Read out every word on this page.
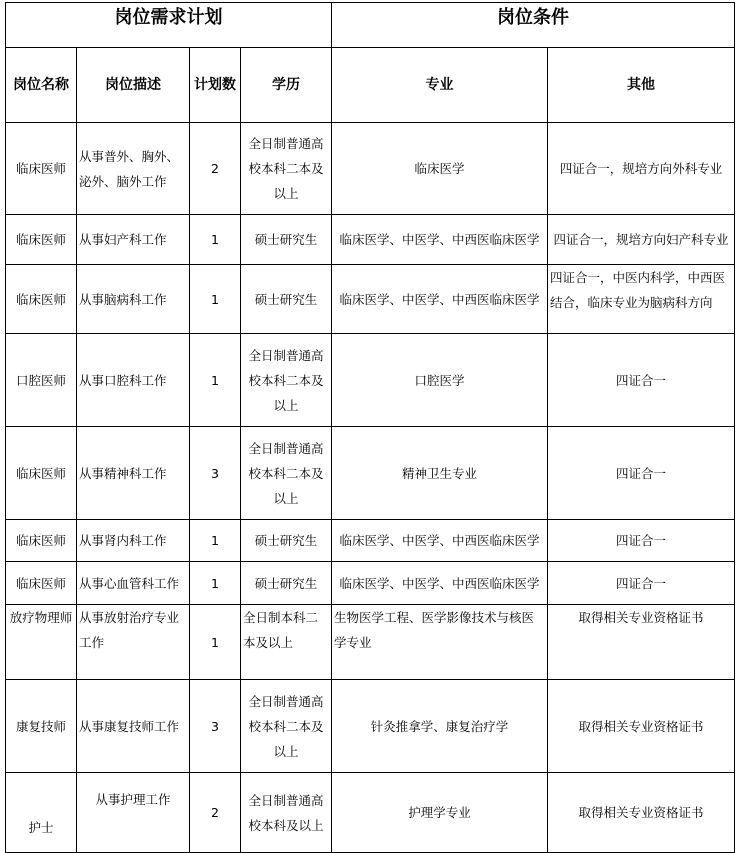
岗位需求计划				岗位条件	
岗位名称	岗位描述	计划数	学历	专业	其他
临床医师	从事普外、胸外、泌外、脑外工作	2	全日制普通高校本科二本及以上	临床医学	四证合一，规培方向外科专业
临床医师	从事妇产科工作	1	硕士研究生	临床医学、中医学、中西医临床医学	四证合一，规培方向妇产科专业
临床医师	从事脑病科工作	1	硕士研究生	临床医学、中医学、中西医临床医学	四证合一，中医内科学，中西医结合，临床专业为脑病科方向
口腔医师	从事口腔科工作	1	全日制普通高校本科二本及以上	口腔医学	四证合一
临床医师	从事精神科工作	3	全日制普通高校本科二本及以上	精神卫生专业	四证合一
临床医师	从事肾内科工作	1	硕士研究生	临床医学、中医学、中西医临床医学	四证合一
临床医师	从事心血管科工作	1	硕士研究生	临床医学、中医学、中西医临床医学	四证合一
放疗物理师	从事放射治疗专业工作	1	全日制本科二本及以上	生物医学工程、医学影像技术与核医学专业	取得相关专业资格证书
康复技师	从事康复技师工作	3	全日制普通高校本科二本及以上	针灸推拿学、康复治疗学	取得相关专业资格证书
护士	从事护理工作	2	全日制普通高校本科及以上	护理学专业	取得相关专业资格证书
